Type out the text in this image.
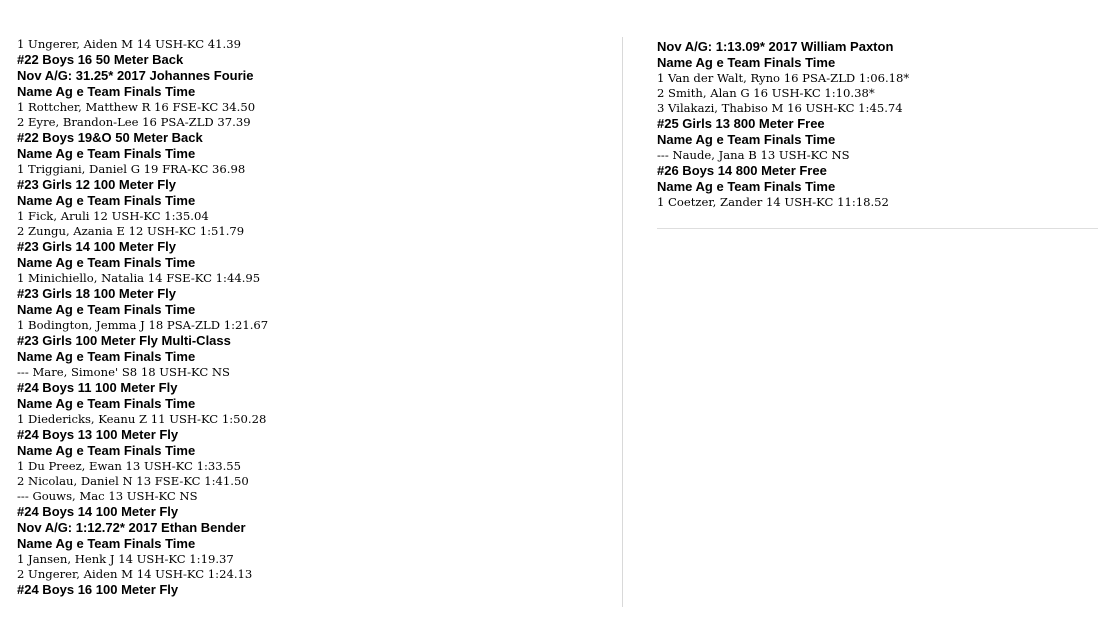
1 Ungerer, Aiden M 14 USH-KC 41.39
#22 Boys 16 50 Meter Back
Nov A/G: 31.25* 2017 Johannes Fourie
Name Ag e Team Finals Time
1 Rottcher, Matthew R 16 FSE-KC 34.50
2 Eyre, Brandon-Lee 16 PSA-ZLD 37.39
#22 Boys 19&O 50 Meter Back
Name Ag e Team Finals Time
1 Triggiani, Daniel G 19 FRA-KC 36.98
#23 Girls 12 100 Meter Fly
Name Ag e Team Finals Time
1 Fick, Aruli 12 USH-KC 1:35.04
2 Zungu, Azania E 12 USH-KC 1:51.79
#23 Girls 14 100 Meter Fly
Name Ag e Team Finals Time
1 Minichiello, Natalia 14 FSE-KC 1:44.95
#23 Girls 18 100 Meter Fly
Name Ag e Team Finals Time
1 Bodington, Jemma J 18 PSA-ZLD 1:21.67
#23 Girls 100 Meter Fly Multi-Class
Name Ag e Team Finals Time
--- Mare, Simone' S8 18 USH-KC NS
#24 Boys 11 100 Meter Fly
Name Ag e Team Finals Time
1 Diedericks, Keanu Z 11 USH-KC 1:50.28
#24 Boys 13 100 Meter Fly
Name Ag e Team Finals Time
1 Du Preez, Ewan 13 USH-KC 1:33.55
2 Nicolau, Daniel N 13 FSE-KC 1:41.50
--- Gouws, Mac 13 USH-KC NS
#24 Boys 14 100 Meter Fly
Nov A/G: 1:12.72* 2017 Ethan Bender
Name Ag e Team Finals Time
1 Jansen, Henk J 14 USH-KC 1:19.37
2 Ungerer, Aiden M 14 USH-KC 1:24.13
#24 Boys 16 100 Meter Fly
Nov A/G: 1:13.09* 2017 William Paxton
Name Ag e Team Finals Time
1 Van der Walt, Ryno 16 PSA-ZLD 1:06.18*
2 Smith, Alan G 16 USH-KC 1:10.38*
3 Vilakazi, Thabiso M 16 USH-KC 1:45.74
#25 Girls 13 800 Meter Free
Name Ag e Team Finals Time
--- Naude, Jana B 13 USH-KC NS
#26 Boys 14 800 Meter Free
Name Ag e Team Finals Time
1 Coetzer, Zander 14 USH-KC 11:18.52
